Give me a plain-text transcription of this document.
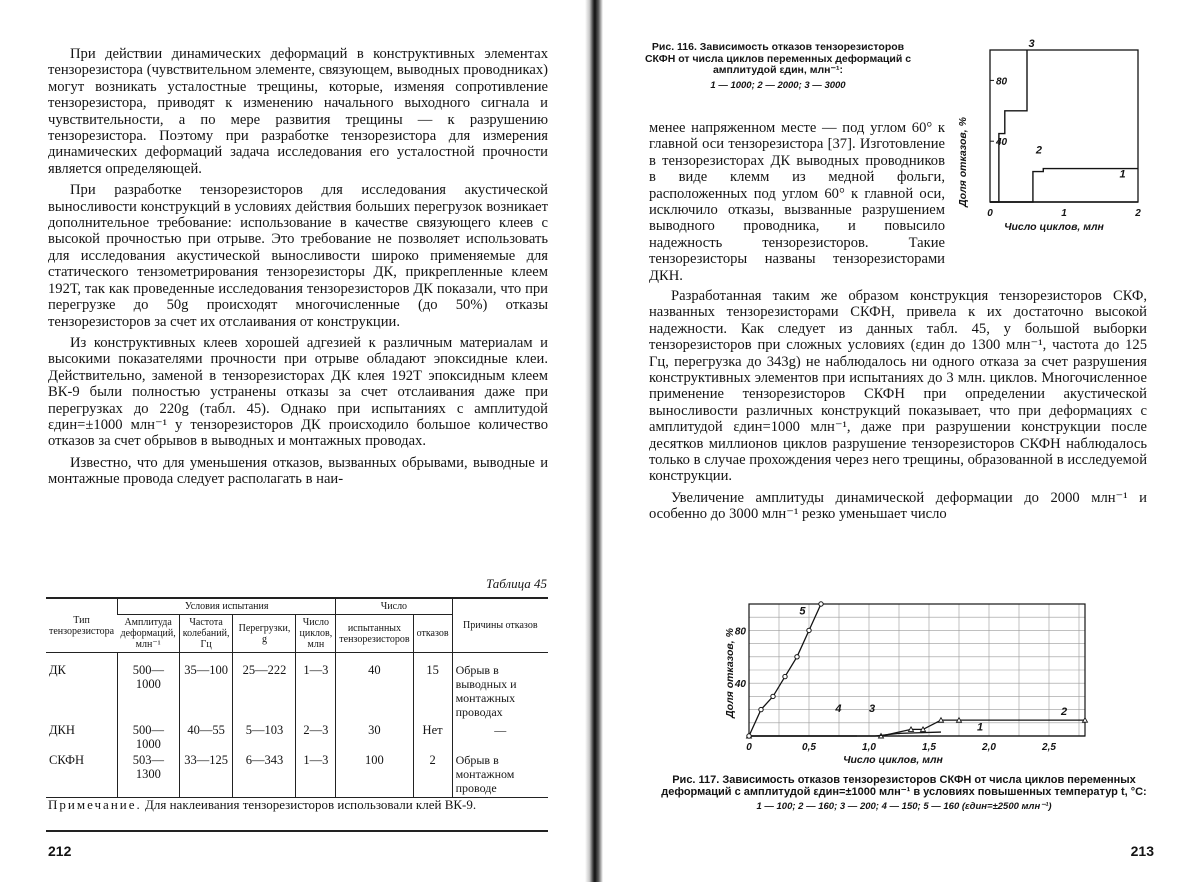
При действии динамических деформаций в конструктивных элементах тензорезистора (чувствительном элементе, связующем, выводных проводниках) могут возникать усталостные трещины, которые, изменяя сопротивление тензорезистора, приводят к изменению начального выходного сигнала и чувствительности, а по мере развития трещины — к разрушению тензорезистора. Поэтому при разработке тензорезистора для измерения динамических деформаций задача исследования его усталостной прочности является определяющей.

При разработке тензорезисторов для исследования акустической выносливости конструкций в условиях действия больших перегрузок возникает дополнительное требование: использование в качестве связующего клеев с высокой прочностью при отрыве. Это требование не позволяет использовать для исследования акустической выносливости широко применяемые для статического тензометрирования тензорезисторы ДК, прикрепленные клеем 192Т, так как проведенные исследования тензорезисторов ДК показали, что при перегрузке до 50g происходят многочисленные (до 50%) отказы тензорезисторов за счет их отслаивания от конструкции.

Из конструктивных клеев хорошей адгезией к различным материалам и высокими показателями прочности при отрыве обладают эпоксидные клеи. Действительно, заменой в тензорезисторах ДК клея 192Т эпоксидным клеем ВК-9 были полностью устранены отказы за счет отслаивания даже при перегрузках до 220g (табл. 45). Однако при испытаниях с амплитудой εдин=±1000 млн⁻¹ у тензорезисторов ДК происходило большое количество отказов за счет обрывов в выводных и монтажных проводах.

Известно, что для уменьшения отказов, вызванных обрывами, выводные и монтажные провода следует располагать в наи-

Таблица 45
Тип тензорезистора	Условия испытания				Число		Причины отказов
	Амплитуда деформаций, млн⁻¹	Частота колебаний, Гц	Перегрузки, g	Число циклов, млн	испытанных тензорезисторов	отказов	
ДК	500—1000	35—100	25—222	1—3	40	15	Обрыв в выводных и монтажных проводах
ДКН	500—1000	40—55	5—103	2—3	30	Нет	—
СКФН	503—1300	33—125	6—343	1—3	100	2	Обрыв в монтажном проводе
Примечание. Для наклеивания тензорезисторов использовали клей ВК-9.
212
Рис. 116. Зависимость отказов тензорезисторов СКФН от числа циклов переменных деформаций с амплитудой εдин, млн⁻¹:
1 — 1000; 2 — 2000; 3 — 3000
0	1	2
40
80
1
2
3
Доля отказов, %
Число циклов, млн

менее напряженном месте — под углом 60° к главной оси тензорезистора [37]. Изготовление в тензорезисторах ДК выводных проводников в виде клемм из медной фольги, расположенных под углом 60° к главной оси, исключило отказы, вызванные разрушением выводного проводника, и повысило надежность тензорезисторов. Такие тензорезисторы названы тензорезисторами ДКН.

Разработанная таким же образом конструкция тензорезисторов СКФ, названных тензорезисторами СКФН, привела к их достаточно высокой надежности. Как следует из данных табл. 45, у большой выборки тензорезисторов при сложных условиях (εдин до 1300 млн⁻¹, частота до 125 Гц, перегрузка до 343g) не наблюдалось ни одного отказа за счет разрушения конструктивных элементов при испытаниях до 3 млн. циклов. Многочисленное применение тензорезисторов СКФН при определении акустической выносливости различных конструкций показывает, что при деформациях с амплитудой εдин=1000 млн⁻¹, даже при разрушении конструкции после десятков миллионов циклов разрушение тензорезисторов СКФН наблюдалось только в случае прохождения через него трещины, образованной в исследуемой конструкции.

Увеличение амплитуды динамической деформации до 2000 млн⁻¹ и особенно до 3000 млн⁻¹ резко уменьшает число

0	0,5	1,0	1,5	2,0	2,5
40
80
1
2
3
4
5
Доля отказов, %
Число циклов, млн
Рис. 117. Зависимость отказов тензорезисторов СКФН от числа циклов переменных деформаций с амплитудой εдин=±1000 млн⁻¹ в условиях повышенных температур t, °C:
1 — 100; 2 — 160; 3 — 200; 4 — 150; 5 — 160 (εдин=±2500 млн⁻¹)
213
